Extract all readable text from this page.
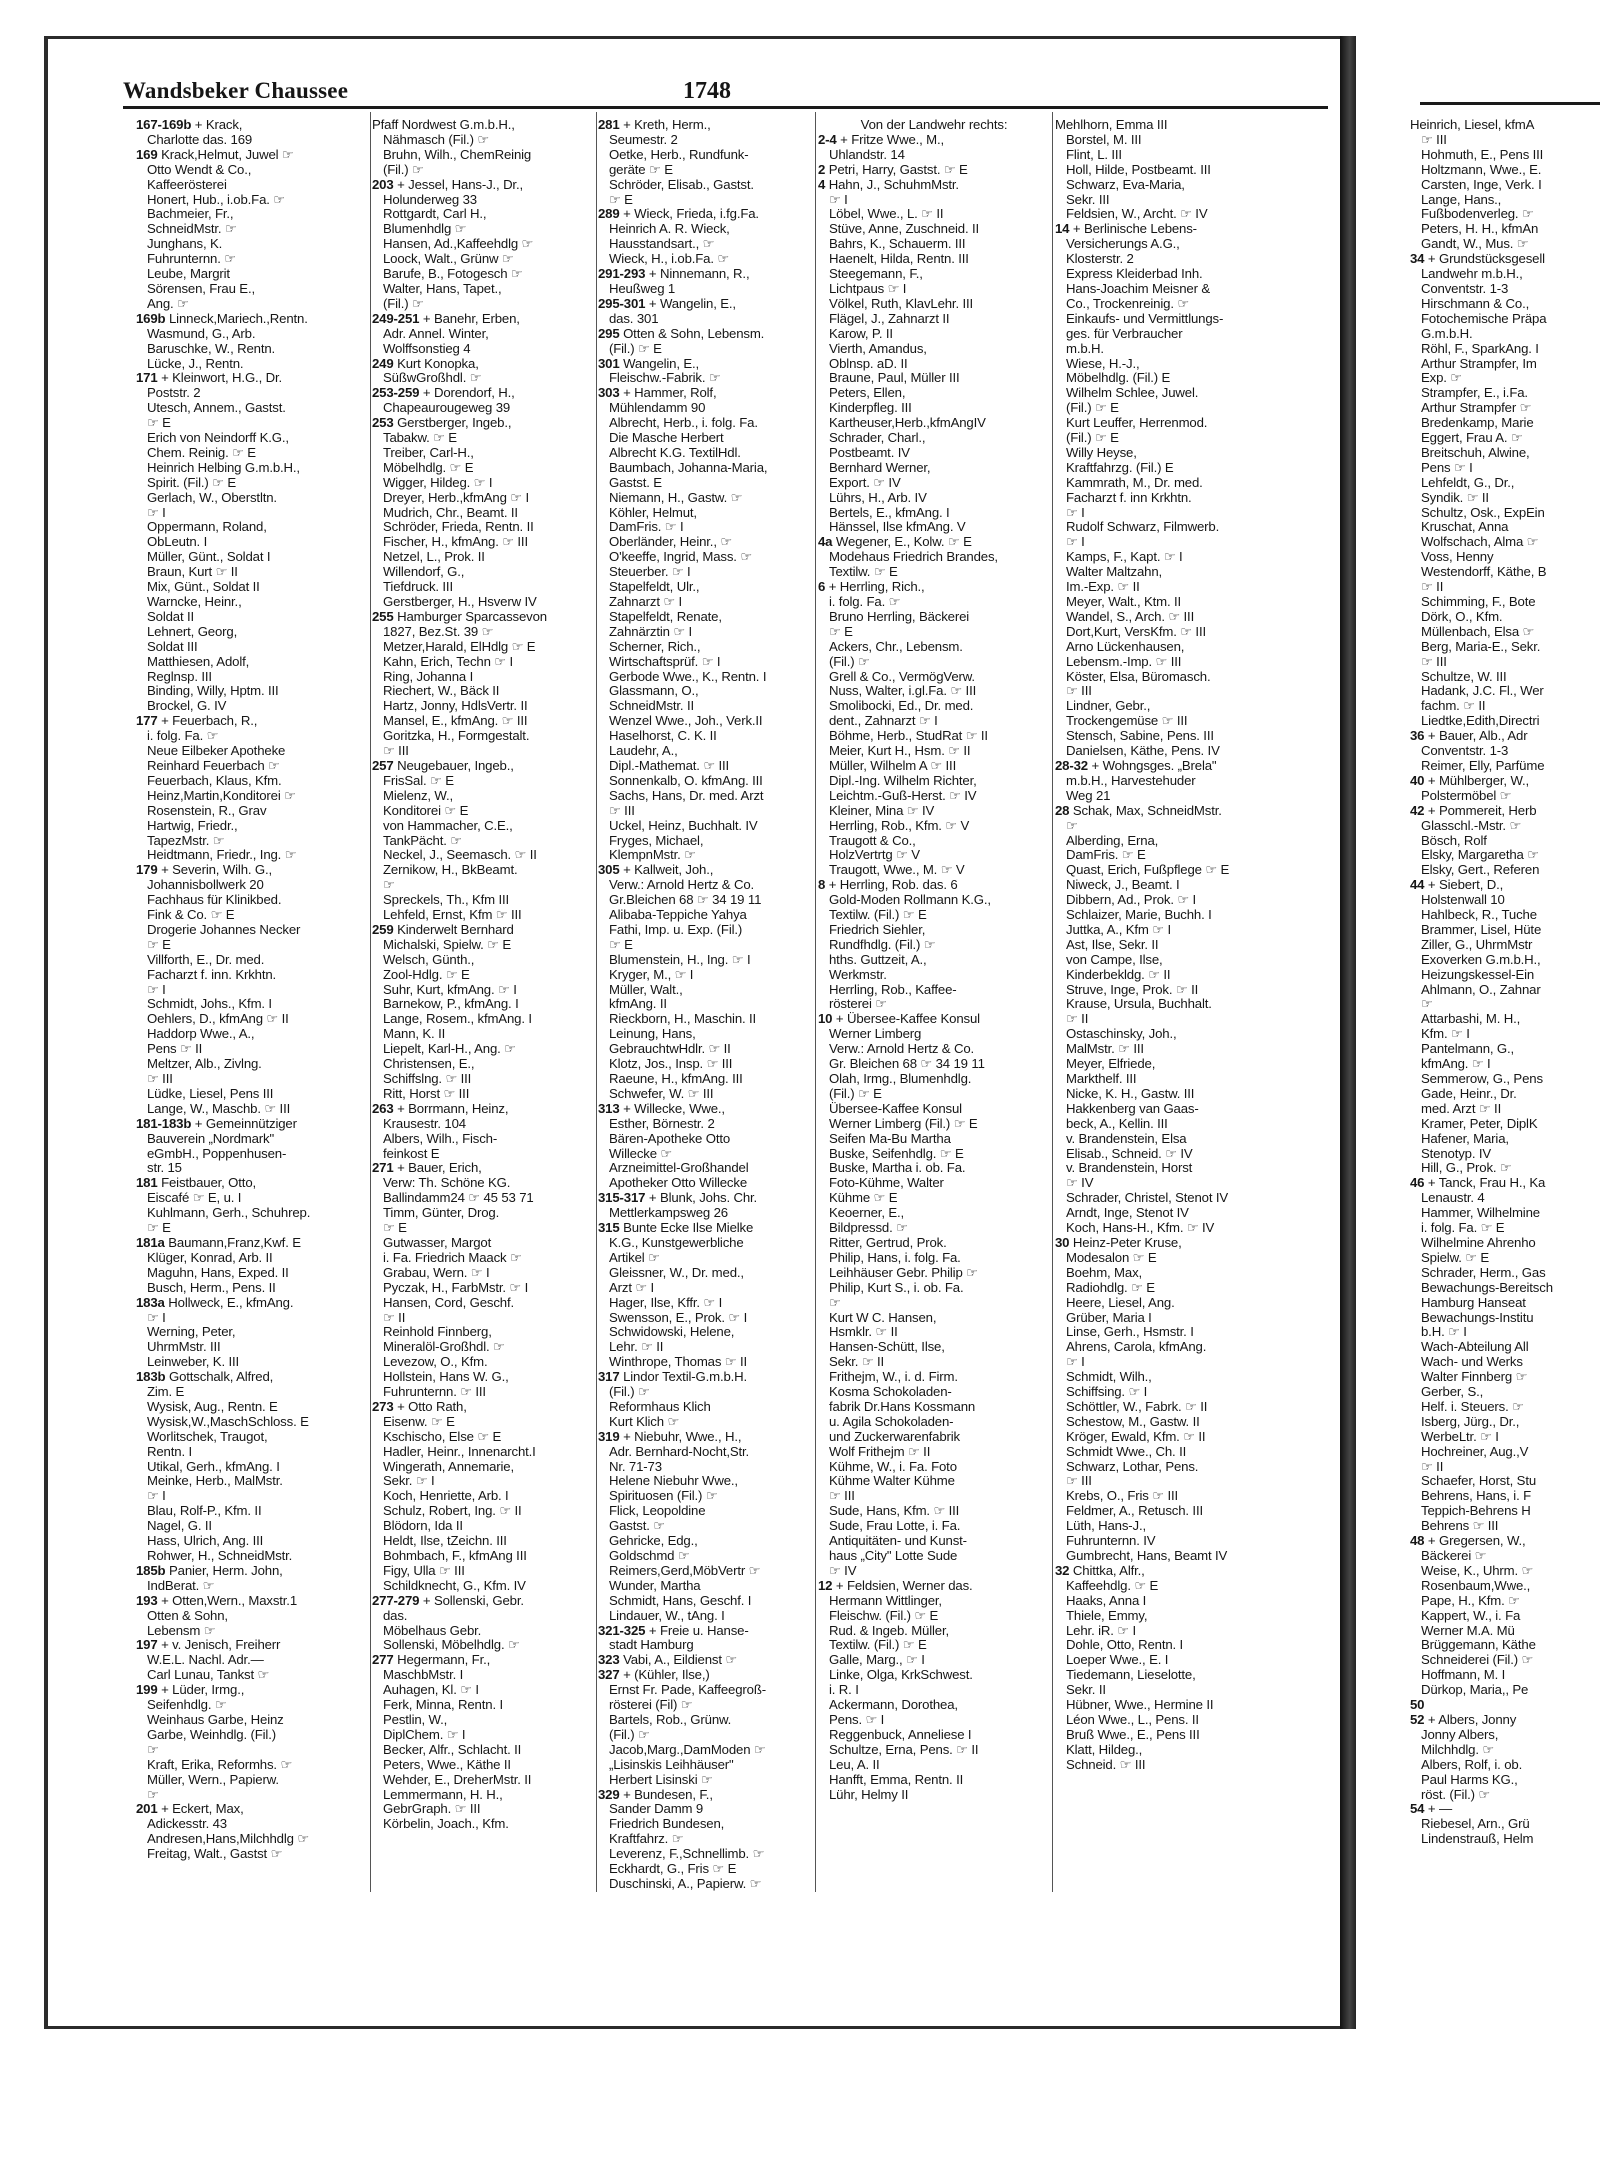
Wandsbeker Chaussee	1748
167-169b + Krack,
Charlotte das. 169
169 Krack,Helmut, Juwel ☞
Otto Wendt & Co.,
Kaffeerösterei
Honert, Hub., i.ob.Fa. ☞
Bachmeier, Fr.,
SchneidMstr. ☞
Junghans, K.
Fuhrunternn. ☞
Leube, Margrit
Sörensen, Frau E.,
Ang. ☞
169b Linneck,Mariech.,Rentn.
Wasmund, G., Arb.
Baruschke, W., Rentn.
Lücke, J., Rentn.
171 + Kleinwort, H.G., Dr.
Poststr. 2
Utesch, Annem., Gastst.
☞ E
Erich von Neindorff K.G.,
Chem. Reinig. ☞ E
Heinrich Helbing G.m.b.H.,
Spirit. (Fil.) ☞ E
Gerlach, W., Oberstltn.
☞ I
Oppermann, Roland,
ObLeutn. I
Müller, Günt., Soldat I
Braun, Kurt ☞ II
Mix, Günt., Soldat II
Warncke, Heinr.,
Soldat II
Lehnert, Georg,
Soldat III
Matthiesen, Adolf,
Reglnsp. III
Binding, Willy, Hptm. III
Brockel, G. IV
177 + Feuerbach, R.,
i. folg. Fa. ☞
Neue Eilbeker Apotheke
Reinhard Feuerbach ☞
Feuerbach, Klaus, Kfm.
Heinz,Martin,Konditorei ☞
Rosenstein, R., Grav
Hartwig, Friedr.,
TapezMstr. ☞
Heidtmann, Friedr., Ing. ☞
179 + Severin, Wilh. G.,
Johannisbollwerk 20
Fachhaus für Klinikbed.
Fink & Co. ☞ E
Drogerie Johannes Necker
☞ E
Villforth, E., Dr. med.
Facharzt f. inn. Krkhtn.
☞ I
Schmidt, Johs., Kfm. I
Oehlers, D., kfmAng ☞ II
Haddorp Wwe., A.,
Pens ☞ II
Meltzer, Alb., Zivlng.
☞ III
Lüdke, Liesel, Pens III
Lange, W., Maschb. ☞ III
181-183b + Gemeinnütziger
Bauverein „Nordmark"
eGmbH., Poppenhusen-
str. 15
181 Feistbauer, Otto,
Eiscafé ☞ E, u. I
Kuhlmann, Gerh., Schuhrep.
☞ E
181a Baumann,Franz,Kwf. E
Klüger, Konrad, Arb. II
Maguhn, Hans, Exped. II
Busch, Herm., Pens. II
183a Hollweck, E., kfmAng.
☞ I
Werning, Peter,
UhrmMstr. III
Leinweber, K. III
183b Gottschalk, Alfred,
Zim. E
Wysisk, Aug., Rentn. E
Wysisk,W.,MaschSchloss. E
Worlitschek, Traugot,
Rentn. I
Utikal, Gerh., kfmAng. I
Meinke, Herb., MalMstr.
☞ I
Blau, Rolf-P., Kfm. II
Nagel, G. II
Hass, Ulrich, Ang. III
Rohwer, H., SchneidMstr.
185b Panier, Herm. John,
IndBerat. ☞
193 + Otten,Wern., Maxstr.1
Otten & Sohn,
Lebensm ☞
197 + v. Jenisch, Freiherr
W.E.L. Nachl. Adr.—
Carl Lunau, Tankst ☞
199 + Lüder, Irmg.,
Seifenhdlg. ☞
Weinhaus Garbe, Heinz
Garbe, Weinhdlg. (Fil.)
☞
Kraft, Erika, Reformhs. ☞
Müller, Wern., Papierw.
☞
201 + Eckert, Max,
Adickesstr. 43
Andresen,Hans,Milchhdlg ☞
Freitag, Walt., Gastst ☞
Pfaff Nordwest G.m.b.H.,
Nähmasch (Fil.) ☞
Bruhn, Wilh., ChemReinig
(Fil.) ☞
203 + Jessel, Hans-J., Dr.,
Holunderweg 33
Rottgardt, Carl H.,
Blumenhdlg ☞
Hansen, Ad.,Kaffeehdlg ☞
Loock, Walt., Grünw ☞
Barufe, B., Fotogesch ☞
Walter, Hans, Tapet.,
(Fil.) ☞
249-251 + Banehr, Erben,
Adr. Annel. Winter,
Wolffsonstieg 4
249 Kurt Konopka,
SüßwGroßhdl. ☞
253-259 + Dorendorf, H.,
Chapeaurougeweg 39
253 Gerstberger, Ingeb.,
Tabakw. ☞ E
Treiber, Carl-H.,
Möbelhdlg. ☞ E
Wigger, Hildeg. ☞ I
Dreyer, Herb.,kfmAng ☞ I
Mudrich, Chr., Beamt. II
Schröder, Frieda, Rentn. II
Fischer, H., kfmAng. ☞ III
Netzel, L., Prok. II
Willendorf, G.,
Tiefdruck. III
Gerstberger, H., Hsverw IV
255 Hamburger Sparcassevon
1827, Bez.St. 39 ☞
Metzer,Harald, ElHdlg ☞ E
Kahn, Erich, Techn ☞ I
Ring, Johanna I
Riechert, W., Bäck II
Hartz, Jonny, HdlsVertr. II
Mansel, E., kfmAng. ☞ III
Goritzka, H., Formgestalt.
☞ III
257 Neugebauer, Ingeb.,
FrisSal. ☞ E
Mielenz, W.,
Konditorei ☞ E
von Hammacher, C.E.,
TankPächt. ☞
Neckel, J., Seemasch. ☞ II
Zernikow, H., BkBeamt.
☞
Spreckels, Th., Kfm III
Lehfeld, Ernst, Kfm ☞ III
259 Kinderwelt Bernhard
Michalski, Spielw. ☞ E
Welsch, Günth.,
Zool-Hdlg. ☞ E
Suhr, Kurt, kfmAng. ☞ I
Barnekow, P., kfmAng. I
Lange, Rosem., kfmAng. I
Mann, K. II
Liepelt, Karl-H., Ang. ☞
Christensen, E.,
Schiffslng. ☞ III
Ritt, Horst ☞ III
263 + Borrmann, Heinz,
Krausestr. 104
Albers, Wilh., Fisch-
feinkost E
271 + Bauer, Erich,
Verw: Th. Schöne KG.
Ballindamm24 ☞ 45 53 71
Timm, Günter, Drog.
☞ E
Gutwasser, Margot
i. Fa. Friedrich Maack ☞
Grabau, Wern. ☞ I
Pyczak, H., FarbMstr. ☞ I
Hansen, Cord, Geschf.
☞ II
Reinhold Finnberg,
Mineralöl-Großhdl. ☞
Levezow, O., Kfm.
Hollstein, Hans W. G.,
Fuhrunternn. ☞ III
273 + Otto Rath,
Eisenw. ☞ E
Kschischo, Else ☞ E
Hadler, Heinr., Innenarcht.I
Wingerath, Annemarie,
Sekr. ☞ I
Koch, Henriette, Arb. I
Schulz, Robert, Ing. ☞ II
Blödorn, Ida II
Heldt, Ilse, tZeichn. III
Bohmbach, F., kfmAng III
Figy, Ulla ☞ III
Schildknecht, G., Kfm. IV
277-279 + Sollenski, Gebr.
das.
Möbelhaus Gebr.
Sollenski, Möbelhdlg. ☞
277 Hegermann, Fr.,
MaschbMstr. I
Auhagen, Kl. ☞ I
Ferk, Minna, Rentn. I
Pestlin, W.,
DiplChem. ☞ I
Becker, Alfr., Schlacht. II
Peters, Wwe., Käthe II
Wehder, E., DreherMstr. II
Lemmermann, H. H.,
GebrGraph. ☞ III
Körbelin, Joach., Kfm.
281 + Kreth, Herm.,
Seumestr. 2
Oetke, Herb., Rundfunk-
geräte ☞ E
Schröder, Elisab., Gastst.
☞ E
289 + Wieck, Frieda, i.fg.Fa.
Heinrich A. R. Wieck,
Hausstandsart., ☞
Wieck, H., i.ob.Fa. ☞
291-293 + Ninnemann, R.,
Heußweg 1
295-301 + Wangelin, E.,
das. 301
295 Otten & Sohn, Lebensm.
(Fil.) ☞ E
301 Wangelin, E.,
Fleischw.-Fabrik. ☞
303 + Hammer, Rolf,
Mühlendamm 90
Albrecht, Herb., i. folg. Fa.
Die Masche Herbert
Albrecht K.G. TextilHdl.
Baumbach, Johanna-Maria,
Gastst. E
Niemann, H., Gastw. ☞
Köhler, Helmut,
DamFris. ☞ I
Oberländer, Heinr., ☞
O'keeffe, Ingrid, Mass. ☞
Steuerber. ☞ I
Stapelfeldt, Ulr.,
Zahnarzt ☞ I
Stapelfeldt, Renate,
Zahnärztin ☞ I
Scherner, Rich.,
Wirtschaftsprüf. ☞ I
Gerbode Wwe., K., Rentn. I
Glassmann, O.,
SchneidMstr. II
Wenzel Wwe., Joh., Verk.II
Haselhorst, C. K. II
Laudehr, A.,
Dipl.-Mathemat. ☞ III
Sonnenkalb, O. kfmAng. III
Sachs, Hans, Dr. med. Arzt
☞ III
Uckel, Heinz, Buchhalt. IV
Fryges, Michael,
KlempnMstr. ☞
305 + Kallweit, Joh.,
Verw.: Arnold Hertz & Co.
Gr.Bleichen 68 ☞ 34 19 11
Alibaba-Teppiche Yahya
Fathi, Imp. u. Exp. (Fil.)
☞ E
Blumenstein, H., Ing. ☞ I
Kryger, M., ☞ I
Müller, Walt.,
kfmAng. II
Rieckborn, H., Maschin. II
Leinung, Hans,
GebrauchtwHdlr. ☞ II
Klotz, Jos., Insp. ☞ III
Raeune, H., kfmAng. III
Schwefer, W. ☞ III
313 + Willecke, Wwe.,
Esther, Börnestr. 2
Bären-Apotheke Otto
Willecke ☞
Arzneimittel-Großhandel
Apotheker Otto Willecke
315-317 + Blunk, Johs. Chr.
Mettlerkampsweg 26
315 Bunte Ecke Ilse Mielke
K.G., Kunstgewerbliche
Artikel ☞
Gleissner, W., Dr. med.,
Arzt ☞ I
Hager, Ilse, Kffr. ☞ I
Swensson, E., Prok. ☞ I
Schwidowski, Helene,
Lehr. ☞ II
Winthrope, Thomas ☞ II
317 Lindor Textil-G.m.b.H.
(Fil.) ☞
Reformhaus Klich
Kurt Klich ☞
319 + Niebuhr, Wwe., H.,
Adr. Bernhard-Nocht,Str.
Nr. 71-73
Helene Niebuhr Wwe.,
Spirituosen (Fil.) ☞
Flick, Leopoldine
Gastst. ☞
Gehricke, Edg.,
Goldschmd ☞
Reimers,Gerd,MöbVertr ☞
Wunder, Martha
Schmidt, Hans, Geschf. I
Lindauer, W., tAng. I
321-325 + Freie u. Hanse-
stadt Hamburg
323 Vabi, A., Eildienst ☞
327 + (Kühler, Ilse,)
Ernst Fr. Pade, Kaffeegroß-
rösterei (Fil) ☞
Bartels, Rob., Grünw.
(Fil.) ☞
Jacob,Marg.,DamModen ☞
„Lisinskis Leihhäuser"
Herbert Lisinski ☞
329 + Bundesen, F.,
Sander Damm 9
Friedrich Bundesen,
Kraftfahrz. ☞
Leverenz, F.,Schnellimb. ☞
Eckhardt, G., Fris ☞ E
Duschinski, A., Papierw. ☞
Von der Landwehr rechts:
2-4 + Fritze Wwe., M.,
Uhlandstr. 14
2 Petri, Harry, Gastst. ☞ E
4 Hahn, J., SchuhmMstr.
☞ I
Löbel, Wwe., L. ☞ II
Stüve, Anne, Zuschneid. II
Bahrs, K., Schauerm. III
Haenelt, Hilda, Rentn. III
Steegemann, F.,
Lichtpaus ☞ I
Völkel, Ruth, KlavLehr. III
Flägel, J., Zahnarzt II
Karow, P. II
Vierth, Amandus,
Oblnsp. aD. II
Braune, Paul, Müller III
Peters, Ellen,
Kinderpfleg. III
Kartheuser,Herb.,kfmAngIV
Schrader, Charl.,
Postbeamt. IV
Bernhard Werner,
Export. ☞ IV
Lührs, H., Arb. IV
Bertels, E., kfmAng. I
Hänssel, Ilse kfmAng. V
4a Wegener, E., Kolw. ☞ E
Modehaus Friedrich Brandes,
Textilw. ☞ E
6 + Herrling, Rich.,
i. folg. Fa. ☞
Bruno Herrling, Bäckerei
☞ E
Ackers, Chr., Lebensm.
(Fil.) ☞
Grell & Co., VermögVerw.
Nuss, Walter, i.gl.Fa. ☞ III
Smolibocki, Ed., Dr. med.
dent., Zahnarzt ☞ I
Böhme, Herb., StudRat ☞ II
Meier, Kurt H., Hsm. ☞ II
Müller, Wilhelm A ☞ III
Dipl.-Ing. Wilhelm Richter,
Leichtm.-Guß-Herst. ☞ IV
Kleiner, Mina ☞ IV
Herrling, Rob., Kfm. ☞ V
Traugott & Co.,
HolzVertrtg ☞ V
Traugott, Wwe., M. ☞ V
8 + Herrling, Rob. das. 6
Gold-Moden Rollmann K.G.,
Textilw. (Fil.) ☞ E
Friedrich Siehler,
Rundfhdlg. (Fil.) ☞
hths. Guttzeit, A.,
Werkmstr.
Herrling, Rob., Kaffee-
rösterei ☞
10 + Übersee-Kaffee Konsul
Werner Limberg
Verw.: Arnold Hertz & Co.
Gr. Bleichen 68 ☞ 34 19 11
Olah, Irmg., Blumenhdlg.
(Fil.) ☞ E
Übersee-Kaffee Konsul
Werner Limberg (Fil.) ☞ E
Seifen Ma-Bu Martha
Buske, Seifenhdlg. ☞ E
Buske, Martha i. ob. Fa.
Foto-Kühme, Walter
Kühme ☞ E
Keoerner, E.,
Bildpressd. ☞
Ritter, Gertrud, Prok.
Philip, Hans, i. folg. Fa.
Leihhäuser Gebr. Philip ☞
Philip, Kurt S., i. ob. Fa.
☞
Kurt W C. Hansen,
Hsmklr. ☞ II
Hansen-Schütt, Ilse,
Sekr. ☞ II
Frithejm, W., i. d. Firm.
Kosma Schokoladen-
fabrik Dr.Hans Kossmann
u. Agila Schokoladen-
und Zuckerwarenfabrik
Wolf Frithejm ☞ II
Kühme, W., i. Fa. Foto
Kühme Walter Kühme
☞ III
Sude, Hans, Kfm. ☞ III
Sude, Frau Lotte, i. Fa.
Antiquitäten- und Kunst-
haus „City" Lotte Sude
☞ IV
12 + Feldsien, Werner das.
Hermann Wittlinger,
Fleischw. (Fil.) ☞ E
Rud. & Ingeb. Müller,
Textilw. (Fil.) ☞ E
Galle, Marg., ☞ I
Linke, Olga, KrkSchwest.
i. R. I
Ackermann, Dorothea,
Pens. ☞ I
Reggenbuck, Anneliese I
Schultze, Erna, Pens. ☞ II
Leu, A. II
Hanfft, Emma, Rentn. II
Lühr, Helmy II
Mehlhorn, Emma III
Borstel, M. III
Flint, L. III
Holl, Hilde, Postbeamt. III
Schwarz, Eva-Maria,
Sekr. III
Feldsien, W., Archt. ☞ IV
14 + Berlinische Lebens-
Versicherungs A.G.,
Klosterstr. 2
Express Kleiderbad Inh.
Hans-Joachim Meisner &
Co., Trockenreinig. ☞
Einkaufs- und Vermittlungs-
ges. für Verbraucher
m.b.H.
Wiese, H.-J.,
Möbelhdlg. (Fil.) E
Wilhelm Schlee, Juwel.
(Fil.) ☞ E
Kurt Leuffer, Herrenmod.
(Fil.) ☞ E
Willy Heyse,
Kraftfahrzg. (Fil.) E
Kammrath, M., Dr. med.
Facharzt f. inn Krkhtn.
☞ I
Rudolf Schwarz, Filmwerb.
☞ I
Kamps, F., Kapt. ☞ I
Walter Maltzahn,
Im.-Exp. ☞ II
Meyer, Walt., Ktm. II
Wandel, S., Arch. ☞ III
Dort,Kurt, VersKfm. ☞ III
Arno Lückenhausen,
Lebensm.-Imp. ☞ III
Köster, Elsa, Büromasch.
☞ III
Lindner, Gebr.,
Trockengemüse ☞ III
Stensch, Sabine, Pens. III
Danielsen, Käthe, Pens. IV
28-32 + Wohngsges. „Brela"
m.b.H., Harvestehuder
Weg 21
28 Schak, Max, SchneidMstr.
☞
Alberding, Erna,
DamFris. ☞ E
Quast, Erich, Fußpflege ☞ E
Niweck, J., Beamt. I
Dibbern, Ad., Prok. ☞ I
Schlaizer, Marie, Buchh. I
Juttka, A., Kfm ☞ I
Ast, Ilse, Sekr. II
von Campe, Ilse,
Kinderbekldg. ☞ II
Struve, Inge, Prok. ☞ II
Krause, Ursula, Buchhalt.
☞ II
Ostaschinsky, Joh.,
MalMstr. ☞ III
Meyer, Elfriede,
Markthelf. III
Nicke, K. H., Gastw. III
Hakkenberg van Gaas-
beck, A., Kellin. III
v. Brandenstein, Elsa
Elisab., Schneid. ☞ IV
v. Brandenstein, Horst
☞ IV
Schrader, Christel, Stenot IV
Arndt, Inge, Stenot IV
Koch, Hans-H., Kfm. ☞ IV
30 Heinz-Peter Kruse,
Modesalon ☞ E
Boehm, Max,
Radiohdlg. ☞ E
Heere, Liesel, Ang.
Grüber, Maria I
Linse, Gerh., Hsmstr. I
Ahrens, Carola, kfmAng.
☞ I
Schmidt, Wilh.,
Schiffsing. ☞ I
Schöttler, W., Fabrk. ☞ II
Schestow, M., Gastw. II
Kröger, Ewald, Kfm. ☞ II
Schmidt Wwe., Ch. II
Schwarz, Lothar, Pens.
☞ III
Krebs, O., Fris ☞ III
Feldmer, A., Retusch. III
Lüth, Hans-J.,
Fuhrunternn. IV
Gumbrecht, Hans, Beamt IV
32 Chittka, Alfr.,
Kaffeehdlg. ☞ E
Haaks, Anna I
Thiele, Emmy,
Lehr. iR. ☞ I
Dohle, Otto, Rentn. I
Loeper Wwe., E. I
Tiedemann, Lieselotte,
Sekr. II
Hübner, Wwe., Hermine II
Léon Wwe., L., Pens. II
Bruß Wwe., E., Pens III
Klatt, Hildeg.,
Schneid. ☞ III
Heinrich, Liesel, kfmA
☞ III
Hohmuth, E., Pens III
Holtzmann, Wwe., E.
Carsten, Inge, Verk. I
Lange, Hans.,
Fußbodenverleg. ☞
Peters, H. H., kfmAn
Gandt, W., Mus. ☞
34 + Grundstücksgesell
Landwehr m.b.H.,
Conventstr. 1-3
Hirschmann & Co.,
Fotochemische Präpa
G.m.b.H.
Röhl, F., SparkAng. I
Arthur Strampfer, Im
Exp. ☞
Strampfer, E., i.Fa.
Arthur Strampfer ☞
Bredenkamp, Marie
Eggert, Frau A. ☞
Breitschuh, Alwine,
Pens ☞ I
Lehfeldt, G., Dr.,
Syndik. ☞ II
Schultz, Osk., ExpEin
Kruschat, Anna
Wolfschach, Alma ☞
Voss, Henny
Westendorff, Käthe, B
☞ II
Schimming, F., Bote
Dörk, O., Kfm.
Müllenbach, Elsa ☞
Berg, Maria-E., Sekr.
☞ III
Schultze, W. III
Hadank, J.C. Fl., Wer
fachm. ☞ II
Liedtke,Edith,Directri
36 + Bauer, Alb., Adr
Conventstr. 1-3
Reimer, Elly, Parfüme
40 + Mühlberger, W.,
Polstermöbel ☞
42 + Pommereit, Herb
Glasschl.-Mstr. ☞
Bösch, Rolf
Elsky, Margaretha ☞
Elsky, Gert., Referen
44 + Siebert, D.,
Holstenwall 10
Hahlbeck, R., Tuche
Brammer, Lisel, Hüte
Ziller, G., UhrmMstr
Exoverken G.m.b.H.,
Heizungskessel-Ein
Ahlmann, O., Zahnar
☞
Attarbashi, M. H.,
Kfm. ☞ I
Pantelmann, G.,
kfmAng. ☞ I
Semmerow, G., Pens
Gade, Heinr., Dr.
med. Arzt ☞ II
Kramer, Peter, DiplK
Hafener, Maria,
Stenotyp. IV
Hill, G., Prok. ☞
46 + Tanck, Frau H., Ka
Lenaustr. 4
Hammer, Wilhelmine
i. folg. Fa. ☞ E
Wilhelmine Ahrenho
Spielw. ☞ E
Schrader, Herm., Gas
Bewachungs-Bereitsch
Hamburg Hanseat
Bewachungs-Institu
b.H. ☞ I
Wach-Abteilung All
Wach- und Werks
Walter Finnberg ☞
Gerber, S.,
Helf. i. Steuers. ☞
Isberg, Jürg., Dr.,
WerbeLtr. ☞ I
Hochreiner, Aug.,V
☞ II
Schaefer, Horst, Stu
Behrens, Hans, i. F
Teppich-Behrens H
Behrens ☞ III
48 + Gregersen, W.,
Bäckerei ☞
Weise, K., Uhrm. ☞
Rosenbaum,Wwe.,
Pape, H., Kfm. ☞
Kappert, W., i. Fa
Werner M.A. Mü
Brüggemann, Käthe
Schneiderei (Fil.) ☞
Hoffmann, M. I
Dürkop, Maria,, Pe
50
52 + Albers, Jonny
Jonny Albers,
Milchhdlg. ☞
Albers, Rolf, i. ob.
Paul Harms KG.,
röst. (Fil.) ☞
54 + —
Riebesel, Arn., Grü
Lindenstrauß, Helm
